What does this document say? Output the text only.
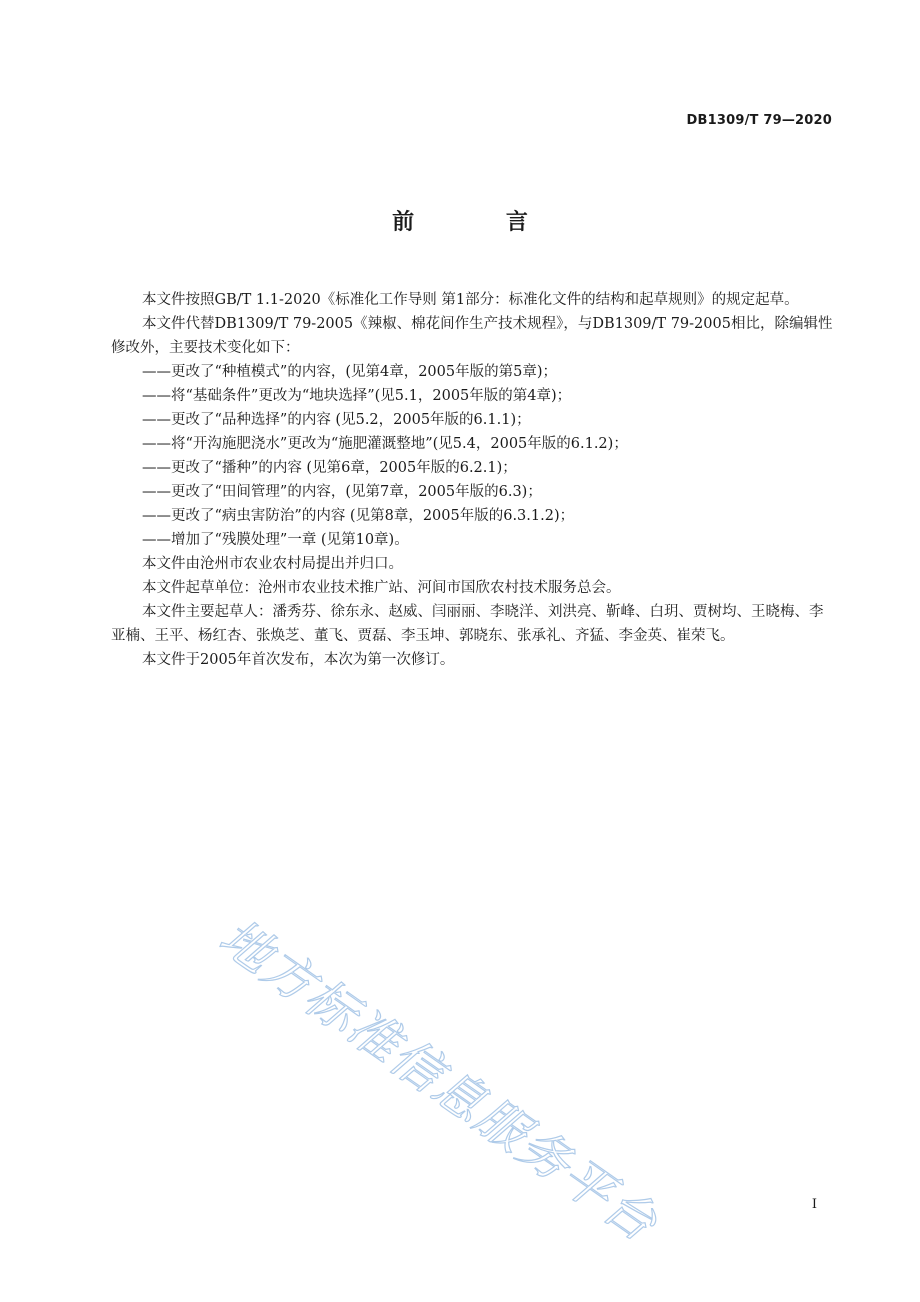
DB1309/T 79—2020
前 言

本文件按照GB/T 1.1-2020《标准化工作导则 第1部分：标准化文件的结构和起草规则》的规定起草。

本文件代替DB1309/T 79-2005《辣椒、棉花间作生产技术规程》，与DB1309/T 79-2005相比，除编辑性修改外，主要技术变化如下：

——更改了“种植模式”的内容，(见第4章，2005年版的第5章)；

——将“基础条件”更改为“地块选择”(见5.1，2005年版的第4章)；

——更改了“品种选择”的内容 (见5.2，2005年版的6.1.1)；

——将“开沟施肥浇水”更改为“施肥灌溉整地”(见5.4，2005年版的6.1.2)；

——更改了“播种”的内容 (见第6章，2005年版的6.2.1)；

——更改了“田间管理”的内容，(见第7章，2005年版的6.3)；

——更改了“病虫害防治”的内容 (见第8章，2005年版的6.3.1.2)；

——增加了“残膜处理”一章 (见第10章)。

本文件由沧州市农业农村局提出并归口。

本文件起草单位：沧州市农业技术推广站、河间市国欣农村技术服务总会。

本文件主要起草人：潘秀芬、徐东永、赵威、闫丽丽、李晓洋、刘洪亮、靳峰、白玥、贾树均、王晓梅、李亚楠、王平、杨红杏、张焕芝、董飞、贾磊、李玉坤、郭晓东、张承礼、齐猛、李金英、崔荣飞。

本文件于2005年首次发布，本次为第一次修订。

地方标准信息服务平台	I
